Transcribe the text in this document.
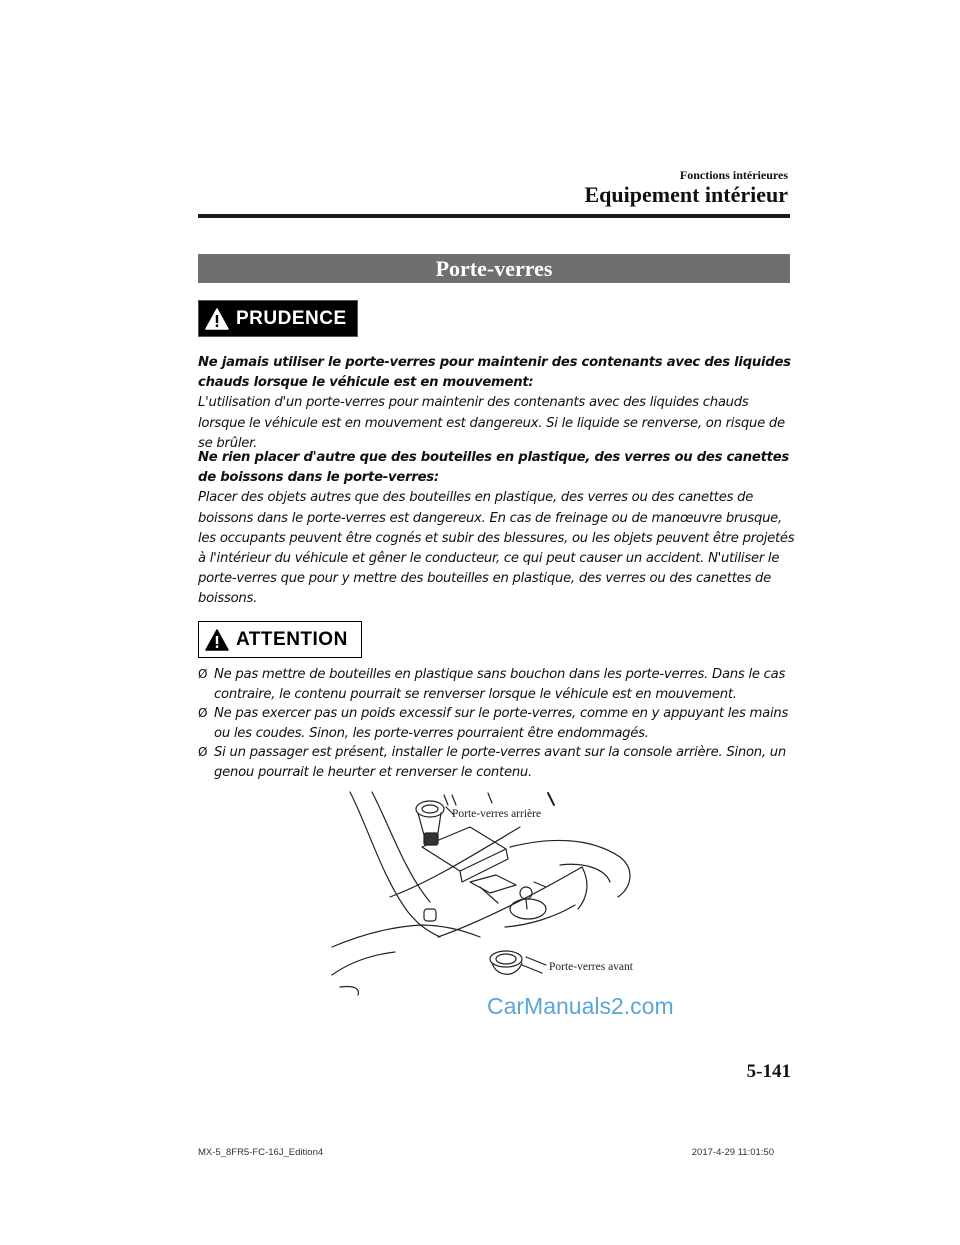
Fonctions intérieures
Equipement intérieur
Porte-verres
PRUDENCE
Ne jamais utiliser le porte-verres pour maintenir des contenants avec des liquides chauds lorsque le véhicule est en mouvement:
L'utilisation d'un porte-verres pour maintenir des contenants avec des liquides chauds lorsque le véhicule est en mouvement est dangereux. Si le liquide se renverse, on risque de se brûler.
Ne rien placer d'autre que des bouteilles en plastique, des verres ou des canettes de boissons dans le porte-verres:
Placer des objets autres que des bouteilles en plastique, des verres ou des canettes de boissons dans le porte-verres est dangereux. En cas de freinage ou de manœuvre brusque, les occupants peuvent être cognés et subir des blessures, ou les objets peuvent être projetés à l'intérieur du véhicule et gêner le conducteur, ce qui peut causer un accident. N'utiliser le porte-verres que pour y mettre des bouteilles en plastique, des verres ou des canettes de boissons.
ATTENTION
Ø Ne pas mettre de bouteilles en plastique sans bouchon dans les porte-verres. Dans le cas contraire, le contenu pourrait se renverser lorsque le véhicule est en mouvement.
Ø Ne pas exercer pas un poids excessif sur le porte-verres, comme en y appuyant les mains ou les coudes. Sinon, les porte-verres pourraient être endommagés.
Ø Si un passager est présent, installer le porte-verres avant sur la console arrière. Sinon, un genou pourrait le heurter et renverser le contenu.
Porte-verres arrière
Porte-verres avant
CarManuals2.com
5-141
MX-5_8FR5-FC-16J_Edition4	2017-4-29 11:01:50
